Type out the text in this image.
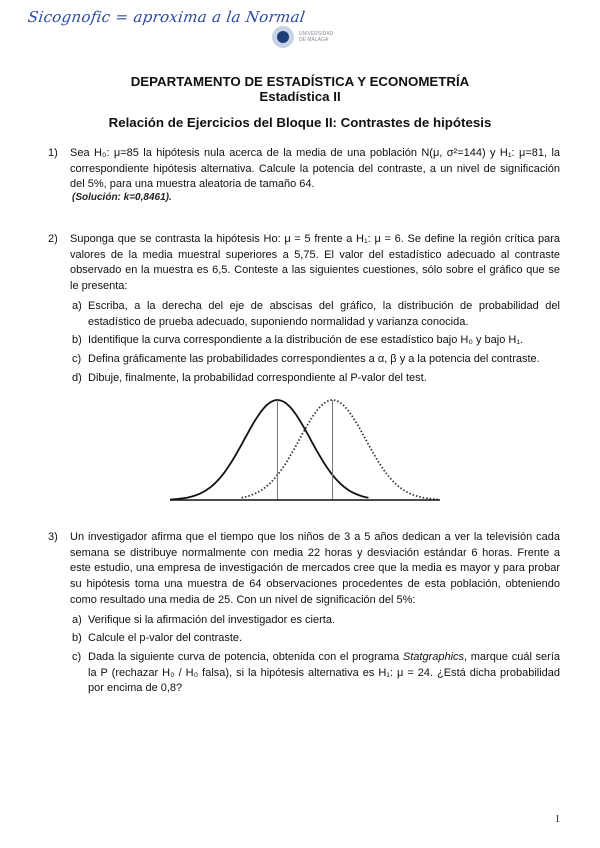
Sicognofic = aproxima a la Normal
UNIVERSIDAD
DE MÁLAGA
DEPARTAMENTO DE ESTADÍSTICA Y ECONOMETRÍA
Estadística II
Relación de Ejercicios del Bloque II: Contrastes de hipótesis
1) Sea H₀: μ=85 la hipótesis nula acerca de la media de una población N(μ, σ²=144) y H₁: μ=81, la correspondiente hipótesis alternativa. Calcule la potencia del contraste, a un nivel de significación del 5%, para una muestra aleatoria de tamaño 64.
(Solución: k=0,8461).
2) Suponga que se contrasta la hipótesis Ho: μ = 5 frente a H₁: μ = 6. Se define la región crítica para valores de la media muestral superiores a 5,75. El valor del estadístico adecuado al contraste observado en la muestra es 6,5. Conteste a las siguientes cuestiones, sólo sobre el gráfico que se le presenta:
a) Escriba, a la derecha del eje de abscisas del gráfico, la distribución de probabilidad del estadístico de prueba adecuado, suponiendo normalidad y varianza conocida.
b) Identifique la curva correspondiente a la distribución de ese estadístico bajo H₀ y bajo H₁.
c) Defina gráficamente las probabilidades correspondientes a α, β y a la potencia del contraste.
d) Dibuje, finalmente, la probabilidad correspondiente al P-valor del test.
3) Un investigador afirma que el tiempo que los niños de 3 a 5 años dedican a ver la televisión cada semana se distribuye normalmente con media 22 horas y desviación estándar 6 horas. Frente a este estudio, una empresa de investigación de mercados cree que la media es mayor y para probar su hipótesis toma una muestra de 64 observaciones procedentes de esta población, obteniendo como resultado una media de 25. Con un nivel de significación del 5%:
a) Verifique si la afirmación del investigador es cierta.
b) Calcule el p-valor del contraste.
c) Dada la siguiente curva de potencia, obtenida con el programa Statgraphics, marque cuál sería la P (rechazar H₀ / H₀ falsa), si la hipótesis alternativa es H₁: μ = 24. ¿Está dicha probabilidad por encima de 0,8?
1
